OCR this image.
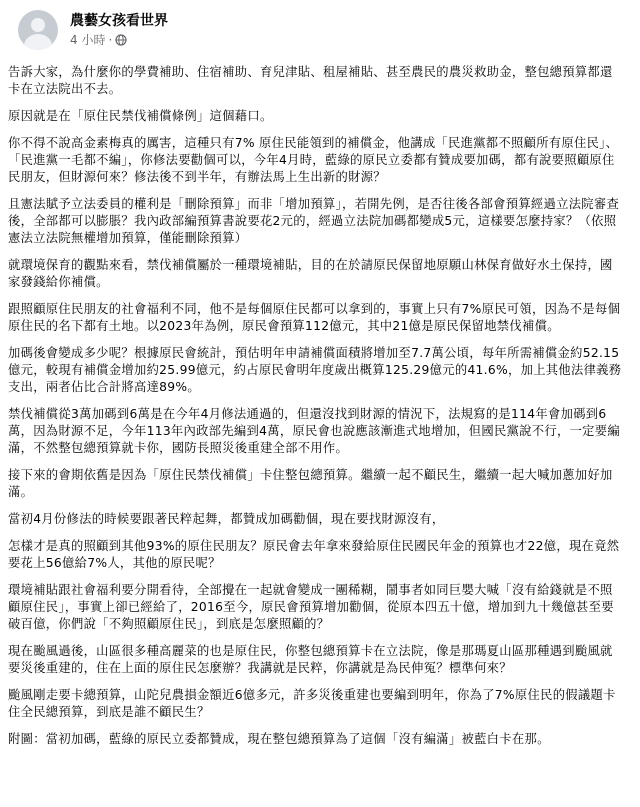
農藝女孩看世界
4 小時 ·

告訴大家，為什麼你的學費補助、住宿補助、育兒津貼、租屋補貼、甚至農民的農災救助金，整包總預算都還卡在立法院出不去。

原因就是在「原住民禁伐補償條例」這個藉口。

你不得不說高金素梅真的厲害，這種只有7% 原住民能領到的補償金，他講成「民進黨都不照顧所有原住民」、「民進黨一毛都不編」，你修法要勸個可以，今年4月時，藍綠的原民立委都有贊成要加碼，都有說要照顧原住民朋友，但財源何來？修法後不到半年，有辦法馬上生出新的財源？

且憲法賦予立法委員的權利是「刪除預算」而非「增加預算」，若開先例，是否往後各部會預算經過立法院審查後，全部都可以膨脹？我內政部編預算書說要花2元的，經過立法院加碼都變成5元，這樣要怎麼持家？（依照憲法立法院無權增加預算，僅能刪除預算）

就環境保育的觀點來看，禁伐補償屬於一種環境補貼，目的在於請原民保留地原願山林保育做好水土保持，國家發錢給你補償。

跟照顧原住民朋友的社會福利不同，他不是每個原住民都可以拿到的，事實上只有7%原民可領，因為不是每個原住民的名下都有土地。以2023年為例，原民會預算112億元，其中21億是原民保留地禁伐補償。

加碼後會變成多少呢？根據原民會統計，預估明年申請補償面積將增加至7.7萬公頃，每年所需補償金約52.15億元，較現有補償金增加約25.99億元，約占原民會明年度歲出概算125.29億元的41.6%，加上其他法律義務支出，兩者佔比合計將高達89%。

禁伐補償從3萬加碼到6萬是在今年4月修法通過的，但還沒找到財源的情況下，法規寫的是114年會加碼到6萬，因為財源不足，今年113年內政部先編到4萬，原民會也說應該漸進式地增加，但國民黨說不行，一定要編滿，不然整包總預算就卡你，國防長照災後重建全部不用作。

接下來的會期依舊是因為「原住民禁伐補償」卡住整包總預算。繼續一起不顧民生，繼續一起大喊加蔥加好加滿。

當初4月份修法的時候要跟著民粹起舞，都贊成加碼勸個，現在要找財源沒有，

怎樣才是真的照顧到其他93%的原住民朋友？原民會去年拿來發給原住民國民年金的預算也才22億，現在竟然要花上56億給7%人，其他的原民呢？

環境補貼跟社會福利要分開看待，全部攪在一起就會變成一團稀糊，鬧事者如同巨嬰大喊「沒有給錢就是不照顧原住民」，事實上卻已經給了，2016至今，原民會預算增加勸個，從原本四五十億，增加到九十幾億甚至要破百億，你們說「不夠照顧原住民」，到底是怎麼照顧的？

現在颱風過後，山區很多種高麗菜的也是原住民，你整包總預算卡在立法院，像是那瑪夏山區那種遇到颱風就要災後重建的，住在上面的原住民怎麼辦？我講就是民粹，你講就是為民伸冤？標準何來？

颱風剛走要卡總預算，山陀兒農損金額近6億多元，許多災後重建也要編到明年，你為了7%原住民的假議題卡住全民總預算，到底是誰不顧民生？

附圖：當初加碼，藍綠的原民立委都贊成，現在整包總預算為了這個「沒有編滿」被藍白卡在那。
